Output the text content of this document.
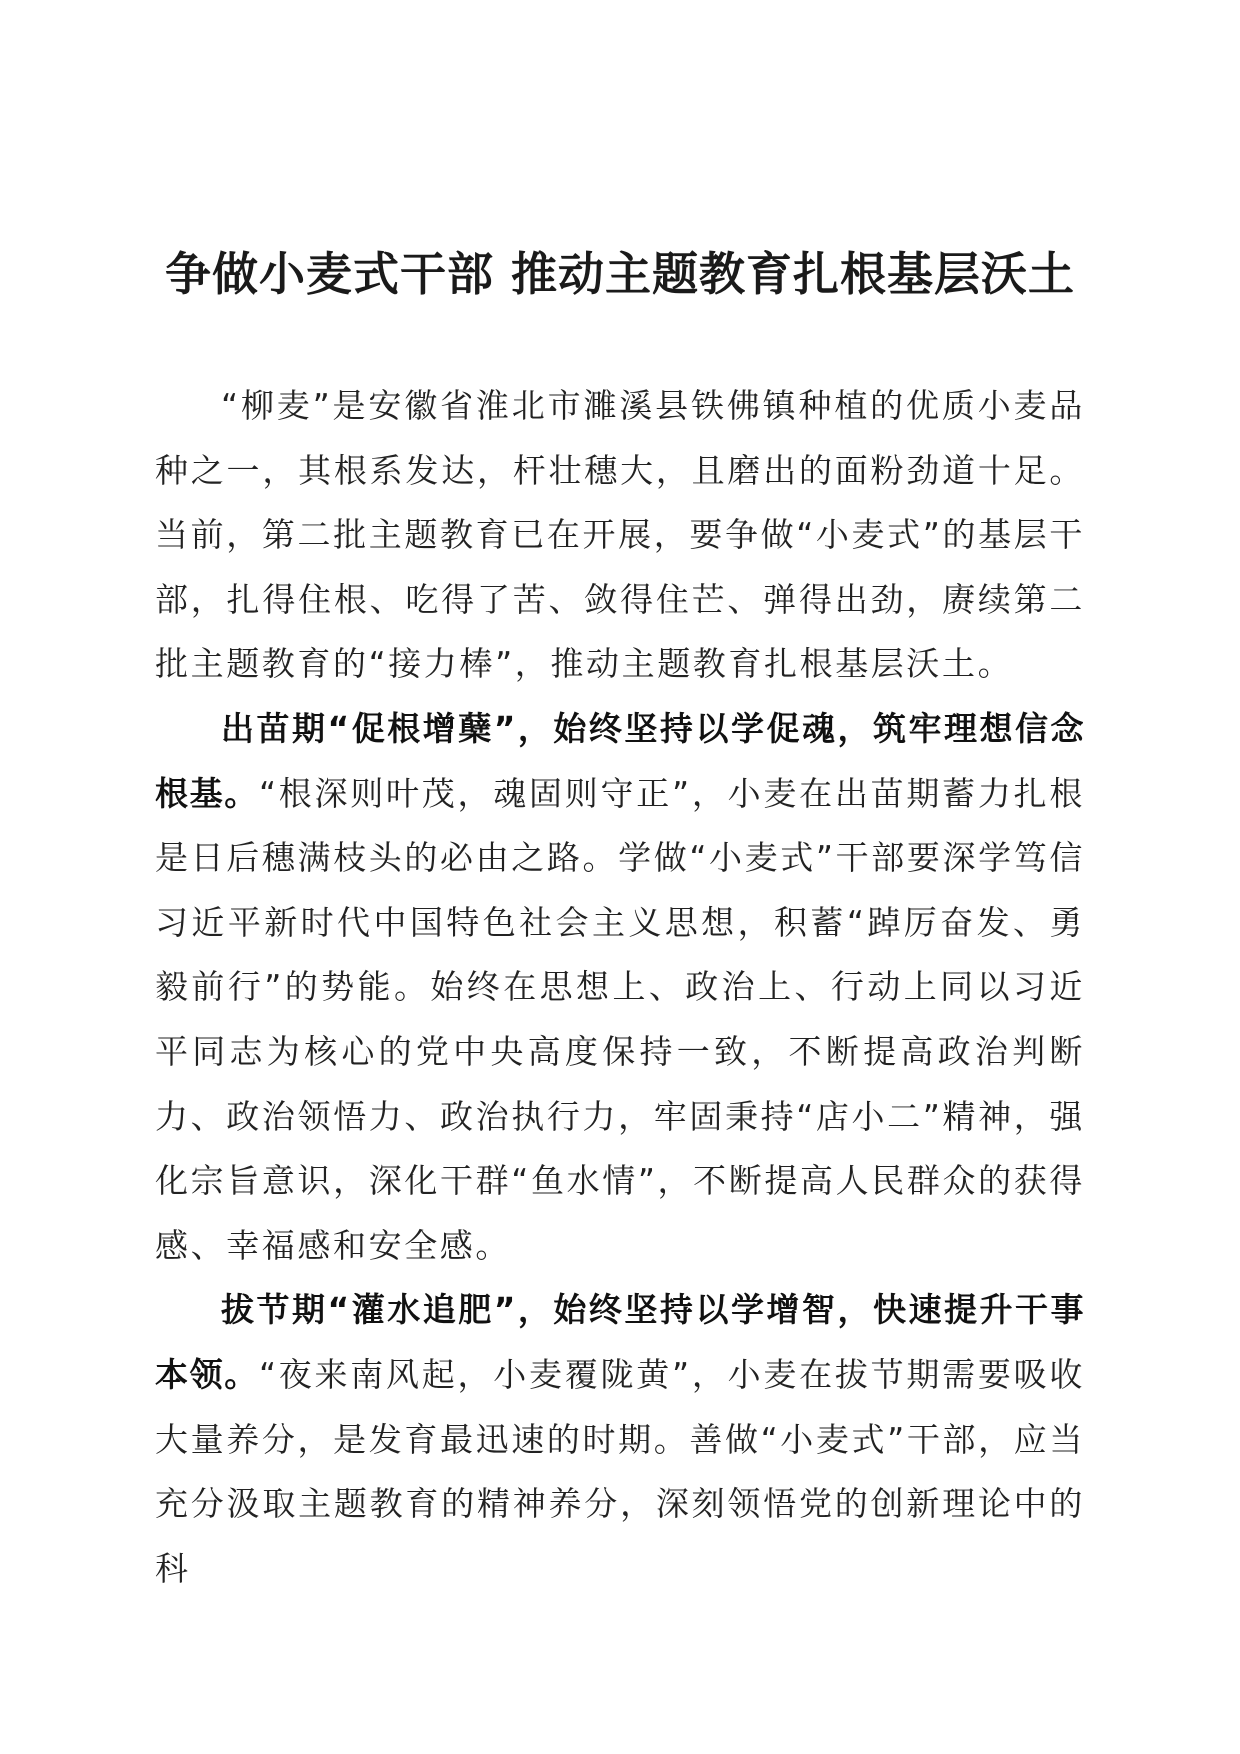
争做小麦式干部 推动主题教育扎根基层沃土

“柳麦”是安徽省淮北市濉溪县铁佛镇种植的优质小麦品种之一，其根系发达，杆壮穗大，且磨出的面粉劲道十足。当前，第二批主题教育已在开展，要争做“小麦式”的基层干部，扎得住根、吃得了苦、敛得住芒、弹得出劲，赓续第二批主题教育的“接力棒”，推动主题教育扎根基层沃土。

出苗期“促根增蘖”，始终坚持以学促魂，筑牢理想信念根基。“根深则叶茂，魂固则守正”，小麦在出苗期蓄力扎根是日后穗满枝头的必由之路。学做“小麦式”干部要深学笃信习近平新时代中国特色社会主义思想，积蓄“踔厉奋发、勇毅前行”的势能。始终在思想上、政治上、行动上同以习近平同志为核心的党中央高度保持一致，不断提高政治判断力、政治领悟力、政治执行力，牢固秉持“店小二”精神，强化宗旨意识，深化干群“鱼水情”，不断提高人民群众的获得感、幸福感和安全感。

拔节期“灌水追肥”，始终坚持以学增智，快速提升干事本领。“夜来南风起，小麦覆陇黄”，小麦在拔节期需要吸收大量养分，是发育最迅速的时期。善做“小麦式”干部，应当充分汲取主题教育的精神养分，深刻领悟党的创新理论中的科
